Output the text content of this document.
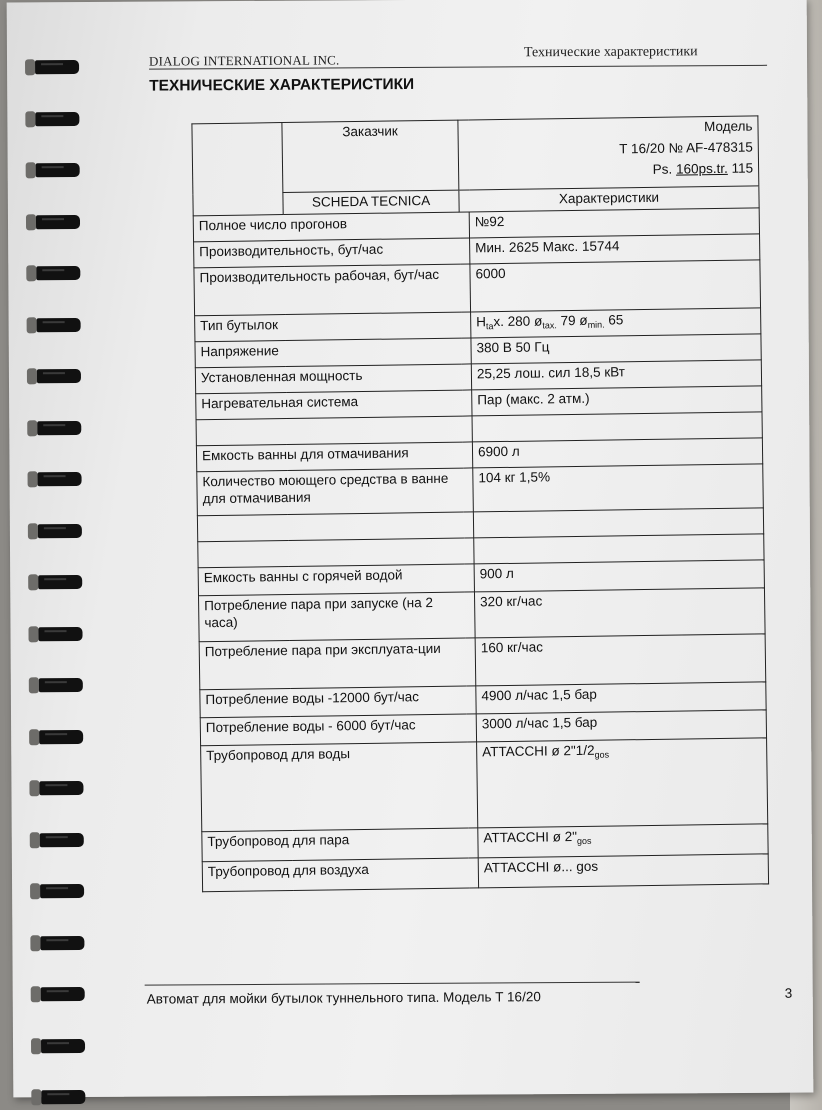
DIALOG INTERNATIONAL INC.
Технические характеристики
ТЕХНИЧЕСКИЕ ХАРАКТЕРИСТИКИ
	Заказчик	Модель
T 16/20 № AF-478315
Ps. 160ps.tr. 115	

	SCHEDA TECNICA	Характеристики	
Полное число прогонов			№92
Производительность, бут/час			Мин. 2625 Макс. 15744
Производительность рабочая, бут/час			6000
Тип бутылок			$H_{ta}x$. 280 $ø_{tax.}$ 79 $ø_{min.}$ 65
Напряжение			380 В 50 Гц
Установленная мощность			25,25 лош. сил 18,5 кВт
Нагревательная система			Пар (макс. 2 атм.)

Емкость ванны для отмачивания			6900 л
Количество моющего средства в ванне для отмачивания			104 кг 1,5%

Емкость ванны с горячей водой			900 л
Потребление пара при запуске (на 2 часа)			320 кг/час
Потребление пара при эксплуата-ции			160 кг/час
Потребление воды -12000 бут/час			4900 л/час 1,5 бар
Потребление воды - 6000 бут/час			3000 л/час 1,5 бар
Трубопровод для воды			ATTACCHI ø $2"1/2_{gos}$
Трубопровод для пара			ATTACCHI ø $2"_{gos}$
Трубопровод для воздуха			ATTACCHI ø... gos
Автомат для мойки бутылок туннельного типа. Модель T 16/20	3
